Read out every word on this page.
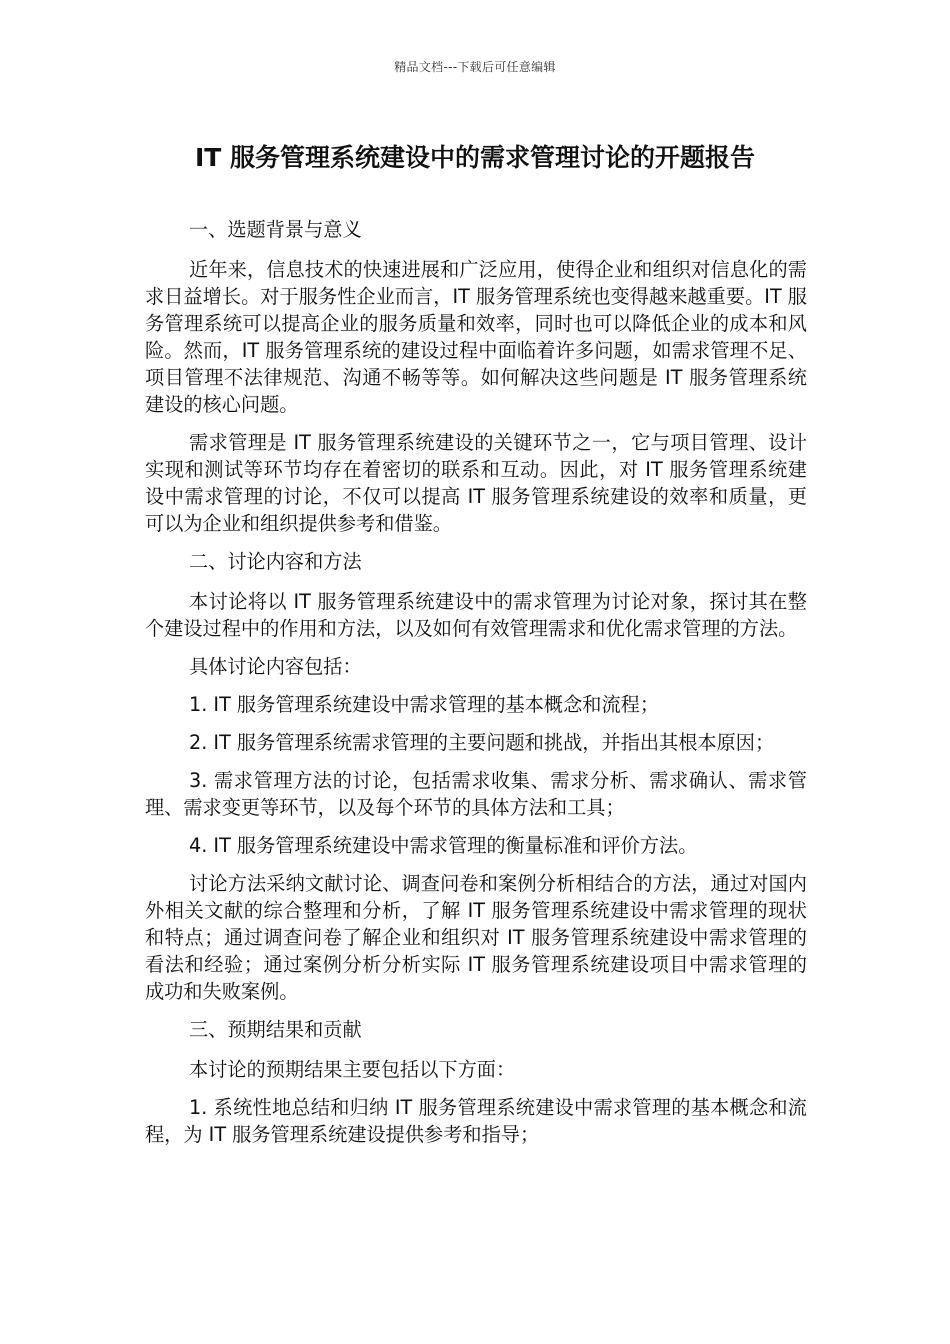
精品文档---下载后可任意编辑
IT 服务管理系统建设中的需求管理讨论的开题报告

一、选题背景与意义

近年来，信息技术的快速进展和广泛应用，使得企业和组织对信息化的需求日益增长。对于服务性企业而言，IT 服务管理系统也变得越来越重要。IT 服务管理系统可以提高企业的服务质量和效率，同时也可以降低企业的成本和风险。然而，IT 服务管理系统的建设过程中面临着许多问题，如需求管理不足、项目管理不法律规范、沟通不畅等等。如何解决这些问题是 IT 服务管理系统建设的核心问题。

需求管理是 IT 服务管理系统建设的关键环节之一，它与项目管理、设计实现和测试等环节均存在着密切的联系和互动。因此，对 IT 服务管理系统建设中需求管理的讨论，不仅可以提高 IT 服务管理系统建设的效率和质量，更可以为企业和组织提供参考和借鉴。

二、讨论内容和方法

本讨论将以 IT 服务管理系统建设中的需求管理为讨论对象，探讨其在整个建设过程中的作用和方法，以及如何有效管理需求和优化需求管理的方法。

具体讨论内容包括：

1. IT 服务管理系统建设中需求管理的基本概念和流程；

2. IT 服务管理系统需求管理的主要问题和挑战，并指出其根本原因；

3. 需求管理方法的讨论，包括需求收集、需求分析、需求确认、需求管理、需求变更等环节，以及每个环节的具体方法和工具；

4. IT 服务管理系统建设中需求管理的衡量标准和评价方法。

讨论方法采纳文献讨论、调查问卷和案例分析相结合的方法，通过对国内外相关文献的综合整理和分析，了解 IT 服务管理系统建设中需求管理的现状和特点；通过调查问卷了解企业和组织对 IT 服务管理系统建设中需求管理的看法和经验；通过案例分析分析实际 IT 服务管理系统建设项目中需求管理的成功和失败案例。

三、预期结果和贡献

本讨论的预期结果主要包括以下方面：

1. 系统性地总结和归纳 IT 服务管理系统建设中需求管理的基本概念和流程，为 IT 服务管理系统建设提供参考和指导；
